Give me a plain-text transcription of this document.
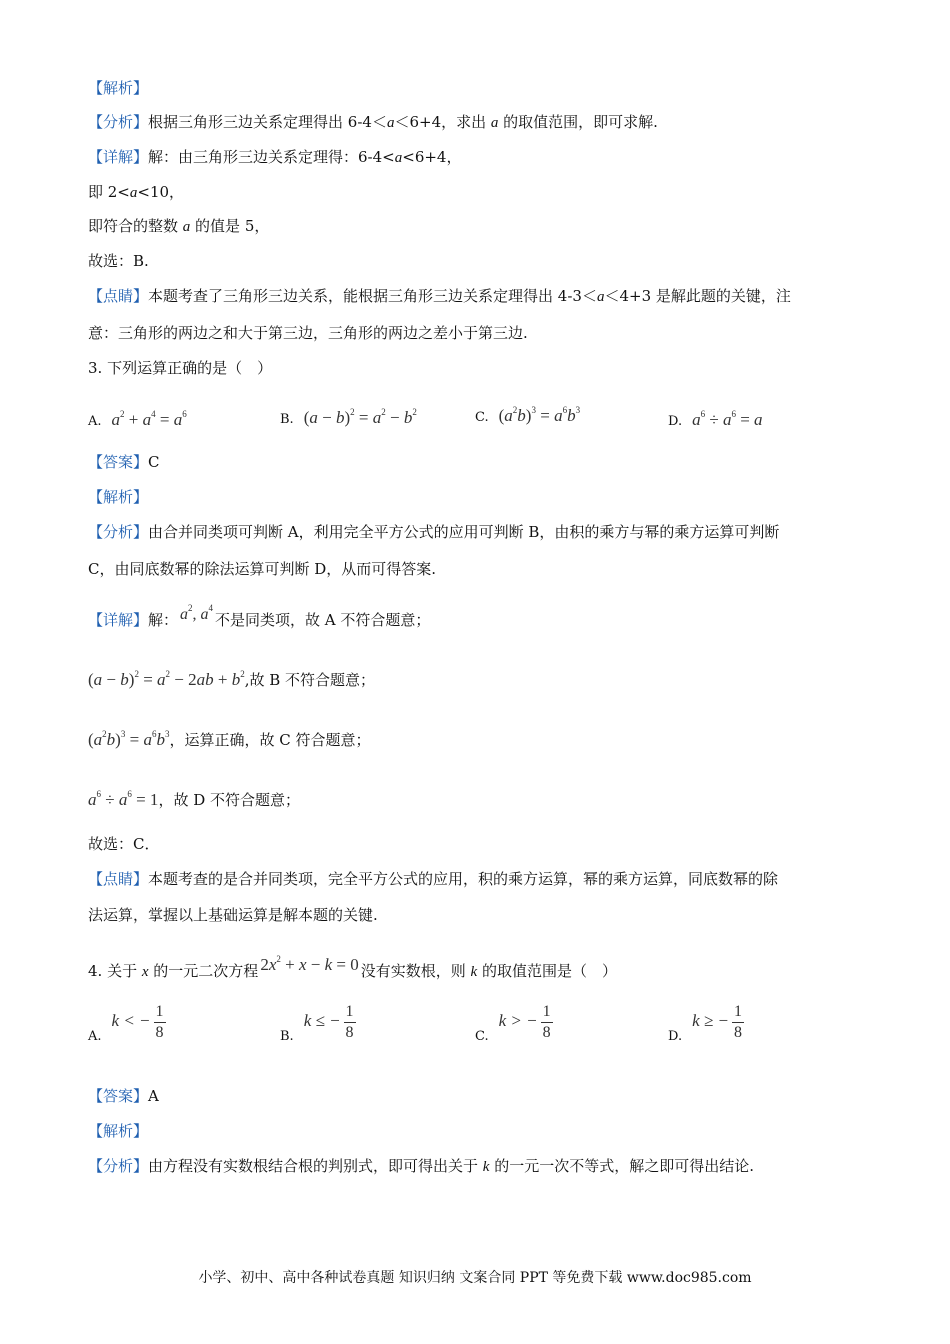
【解析】
【分析】根据三角形三边关系定理得出 6-4＜a＜6+4，求出 a 的取值范围，即可求解.
【详解】解：由三角形三边关系定理得：6-4<a<6+4，
即 2<a<10，
即符合的整数 a 的值是 5，
故选：B.
【点睛】本题考查了三角形三边关系，能根据三角形三边关系定理得出 4-3＜a＜4+3 是解此题的关键，注
意：三角形的两边之和大于第三边，三角形的两边之差小于第三边.
3. 下列运算正确的是（　）
A. $a^2 + a^4 = a^6$	B. $(a - b)^2 = a^2 - b^2$	C. $(a^2b)^3 = a^6b^3$
D. $a^6 \div a^6 = a$
【答案】C
【解析】
【分析】由合并同类项可判断 A，利用完全平方公式的应用可判断 B，由积的乘方与幂的乘方运算可判断
C，由同底数幂的除法运算可判断 D，从而可得答案.
【详解】解： $a^2$, $a^4$不是同类项，故 A 不符合题意；
$(a - b)^2 = a^2 - 2ab + b^2$,故 B 不符合题意；
$(a^2b)^3 = a^6b^3$，运算正确，故 C 符合题意；
$a^6 \div a^6 = 1$，故 D 不符合题意；
故选：C．
【点睛】本题考查的是合并同类项，完全平方公式的应用，积的乘方运算，幂的乘方运算，同底数幂的除
法运算，掌握以上基础运算是解本题的关键.
4. 关于 x 的一元二次方程 $2x^2 + x - k = 0$ 没有实数根，则 k 的取值范围是（　）
A.k < − $\frac{1}{8}$	B.k ≤ − $\frac{1}{8}$	C.k > − $\frac{1}{8}$	D.k ≥ − $\frac{1}{8}$
【答案】A
【解析】
【分析】由方程没有实数根结合根的判别式，即可得出关于 k 的一元一次不等式，解之即可得出结论.
小学、初中、高中各种试卷真题 知识归纳 文案合同 PPT 等免费下载 www.doc985.com
